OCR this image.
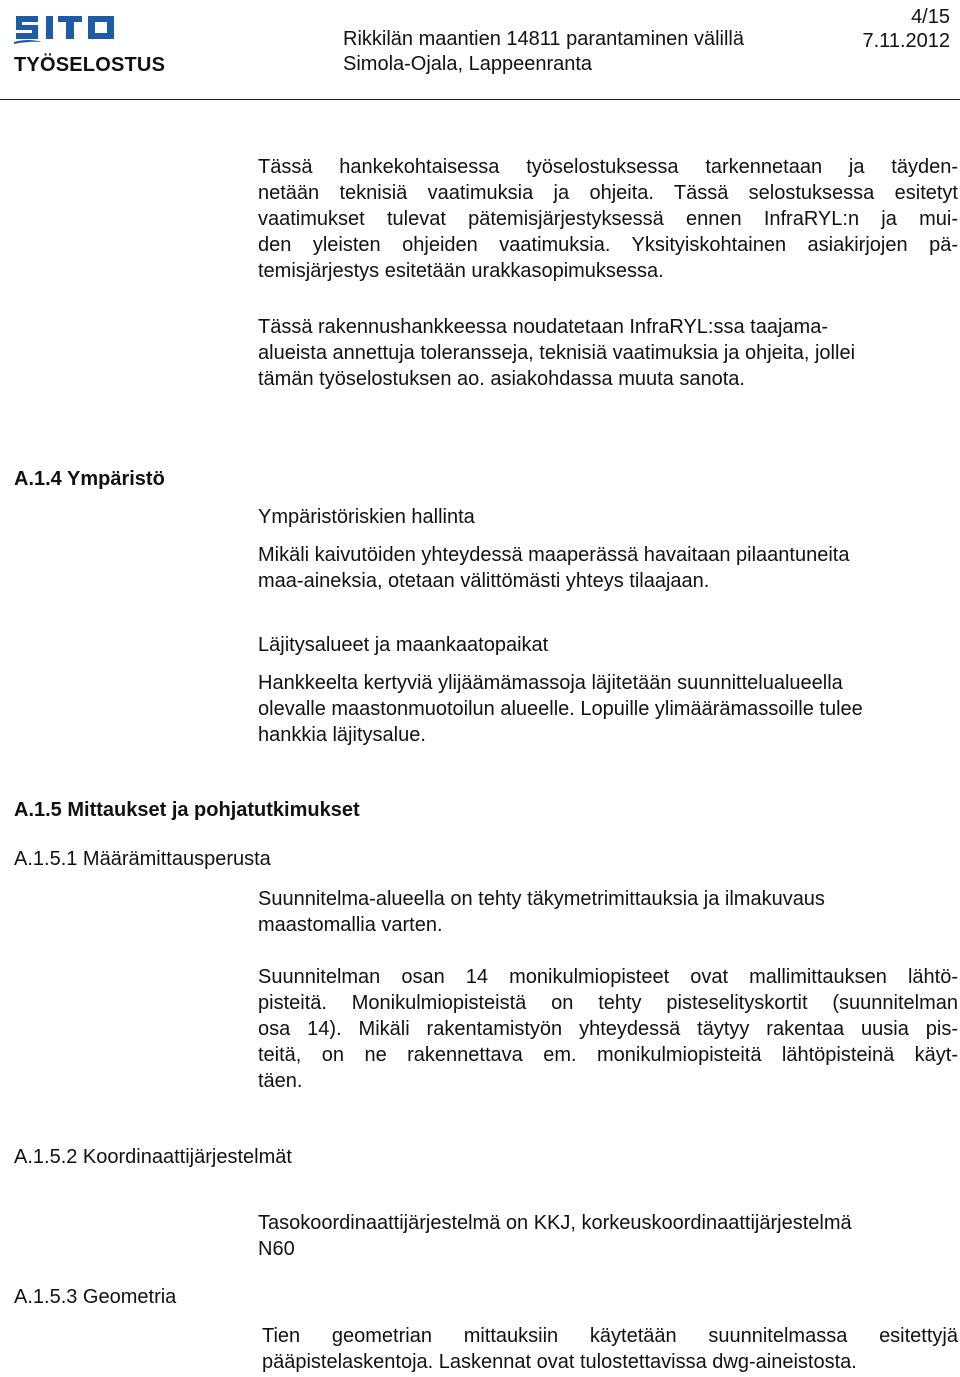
TYÖSELOSTUS
Rikkilän maantien 14811 parantaminen välillä
Simola-Ojala, Lappeenranta
4/15
7.11.2012
Tässä hankekohtaisessa työselostuksessa tarkennetaan ja täyden-
netään teknisiä vaatimuksia ja ohjeita. Tässä selostuksessa esitetyt
vaatimukset tulevat pätemisjärjestyksessä ennen InfraRYL:n ja mui-
den yleisten ohjeiden vaatimuksia. Yksityiskohtainen asiakirjojen pä-
temisjärjestys esitetään urakkasopimuksessa.
Tässä rakennushankkeessa noudatetaan InfraRYL:ssa taajama-
alueista annettuja toleransseja, teknisiä vaatimuksia ja ohjeita, jollei
tämän työselostuksen ao. asiakohdassa muuta sanota.
A.1.4 Ympäristö
Ympäristöriskien hallinta
Mikäli kaivutöiden yhteydessä maaperässä havaitaan pilaantuneita
maa-aineksia, otetaan välittömästi yhteys tilaajaan.
Läjitysalueet ja maankaatopaikat
Hankkeelta kertyviä ylijäämämassoja läjitetään suunnittelualueella
olevalle maastonmuotoilun alueelle. Lopuille ylimäärämassoille tulee
hankkia läjitysalue.
A.1.5 Mittaukset ja pohjatutkimukset
A.1.5.1 Määrämittausperusta
Suunnitelma-alueella on tehty täkymetrimittauksia ja ilmakuvaus
maastomallia varten.
Suunnitelman osan 14 monikulmiopisteet ovat mallimittauksen lähtö-
pisteitä. Monikulmiopisteistä on tehty pisteselityskortit (suunnitelman
osa 14). Mikäli rakentamistyön yhteydessä täytyy rakentaa uusia pis-
teitä, on ne rakennettava em. monikulmiopisteitä lähtöpisteinä käyt-
täen.
A.1.5.2 Koordinaattijärjestelmät
Tasokoordinaattijärjestelmä on KKJ, korkeuskoordinaattijärjestelmä
N60
A.1.5.3 Geometria
Tien geometrian mittauksiin käytetään suunnitelmassa esitettyjä
pääpistelaskentoja. Laskennat ovat tulostettavissa dwg-aineistosta.
